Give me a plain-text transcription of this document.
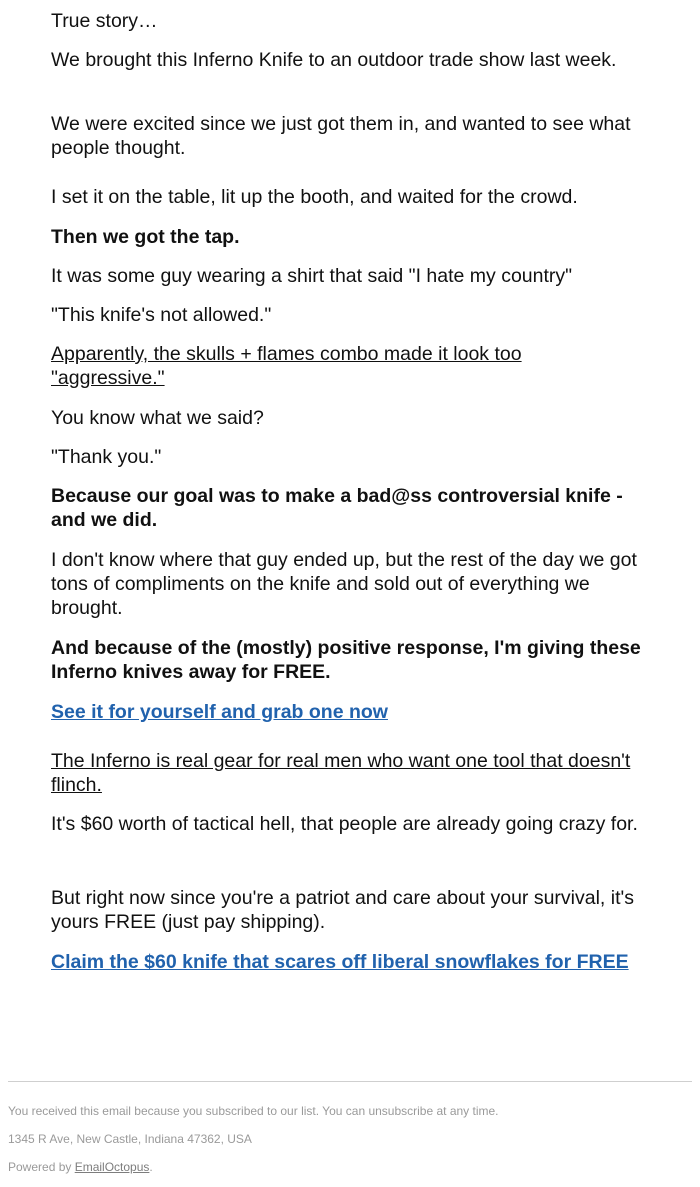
True story…

We brought this Inferno Knife to an outdoor trade show last week.

We were excited since we just got them in, and wanted to see what people thought.

I set it on the table, lit up the booth, and waited for the crowd.

Then we got the tap.

It was some guy wearing a shirt that said "I hate my country"

"This knife's not allowed."

Apparently, the skulls + flames combo made it look too "aggressive."

You know what we said?

"Thank you."

Because our goal was to make a bad@ss controversial knife - and we did.

I don't know where that guy ended up, but the rest of the day we got tons of compliments on the knife and sold out of everything we brought.

And because of the (mostly) positive response, I'm giving these Inferno knives away for FREE.

See it for yourself and grab one now

The Inferno is real gear for real men who want one tool that doesn't flinch.

It's $60 worth of tactical hell, that people are already going crazy for.

But right now since you're a patriot and care about your survival, it's yours FREE (just pay shipping).

Claim the $60 knife that scares off liberal snowflakes for FREE
You received this email because you subscribed to our list. You can unsubscribe at any time.
1345 R Ave, New Castle, Indiana 47362, USA
Powered by EmailOctopus.
